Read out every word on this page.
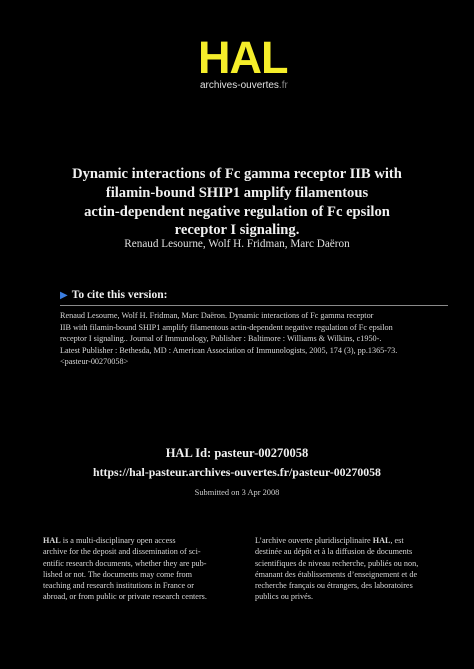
HAL
archives-ouvertes.fr
Dynamic interactions of Fc gamma receptor IIB with
filamin-bound SHIP1 amplify filamentous
actin-dependent negative regulation of Fc epsilon
receptor I signaling.
Renaud Lesourne, Wolf H. Fridman, Marc Daëron
▶ To cite this version:
Renaud Lesourne, Wolf H. Fridman, Marc Daëron. Dynamic interactions of Fc gamma receptor
IIB with filamin-bound SHIP1 amplify filamentous actin-dependent negative regulation of Fc epsilon
receptor I signaling.. Journal of Immunology, Publisher : Baltimore : Williams & Wilkins, c1950-.
Latest Publisher : Bethesda, MD : American Association of Immunologists, 2005, 174 (3), pp.1365-73.
<pasteur-00270058>
HAL Id: pasteur-00270058
https://hal-pasteur.archives-ouvertes.fr/pasteur-00270058
Submitted on 3 Apr 2008
HAL is a multi-disciplinary open access
archive for the deposit and dissemination of sci-
entific research documents, whether they are pub-
lished or not. The documents may come from
teaching and research institutions in France or
abroad, or from public or private research centers.
L’archive ouverte pluridisciplinaire HAL, est
destinée au dépôt et à la diffusion de documents
scientifiques de niveau recherche, publiés ou non,
émanant des établissements d’enseignement et de
recherche français ou étrangers, des laboratoires
publics ou privés.
